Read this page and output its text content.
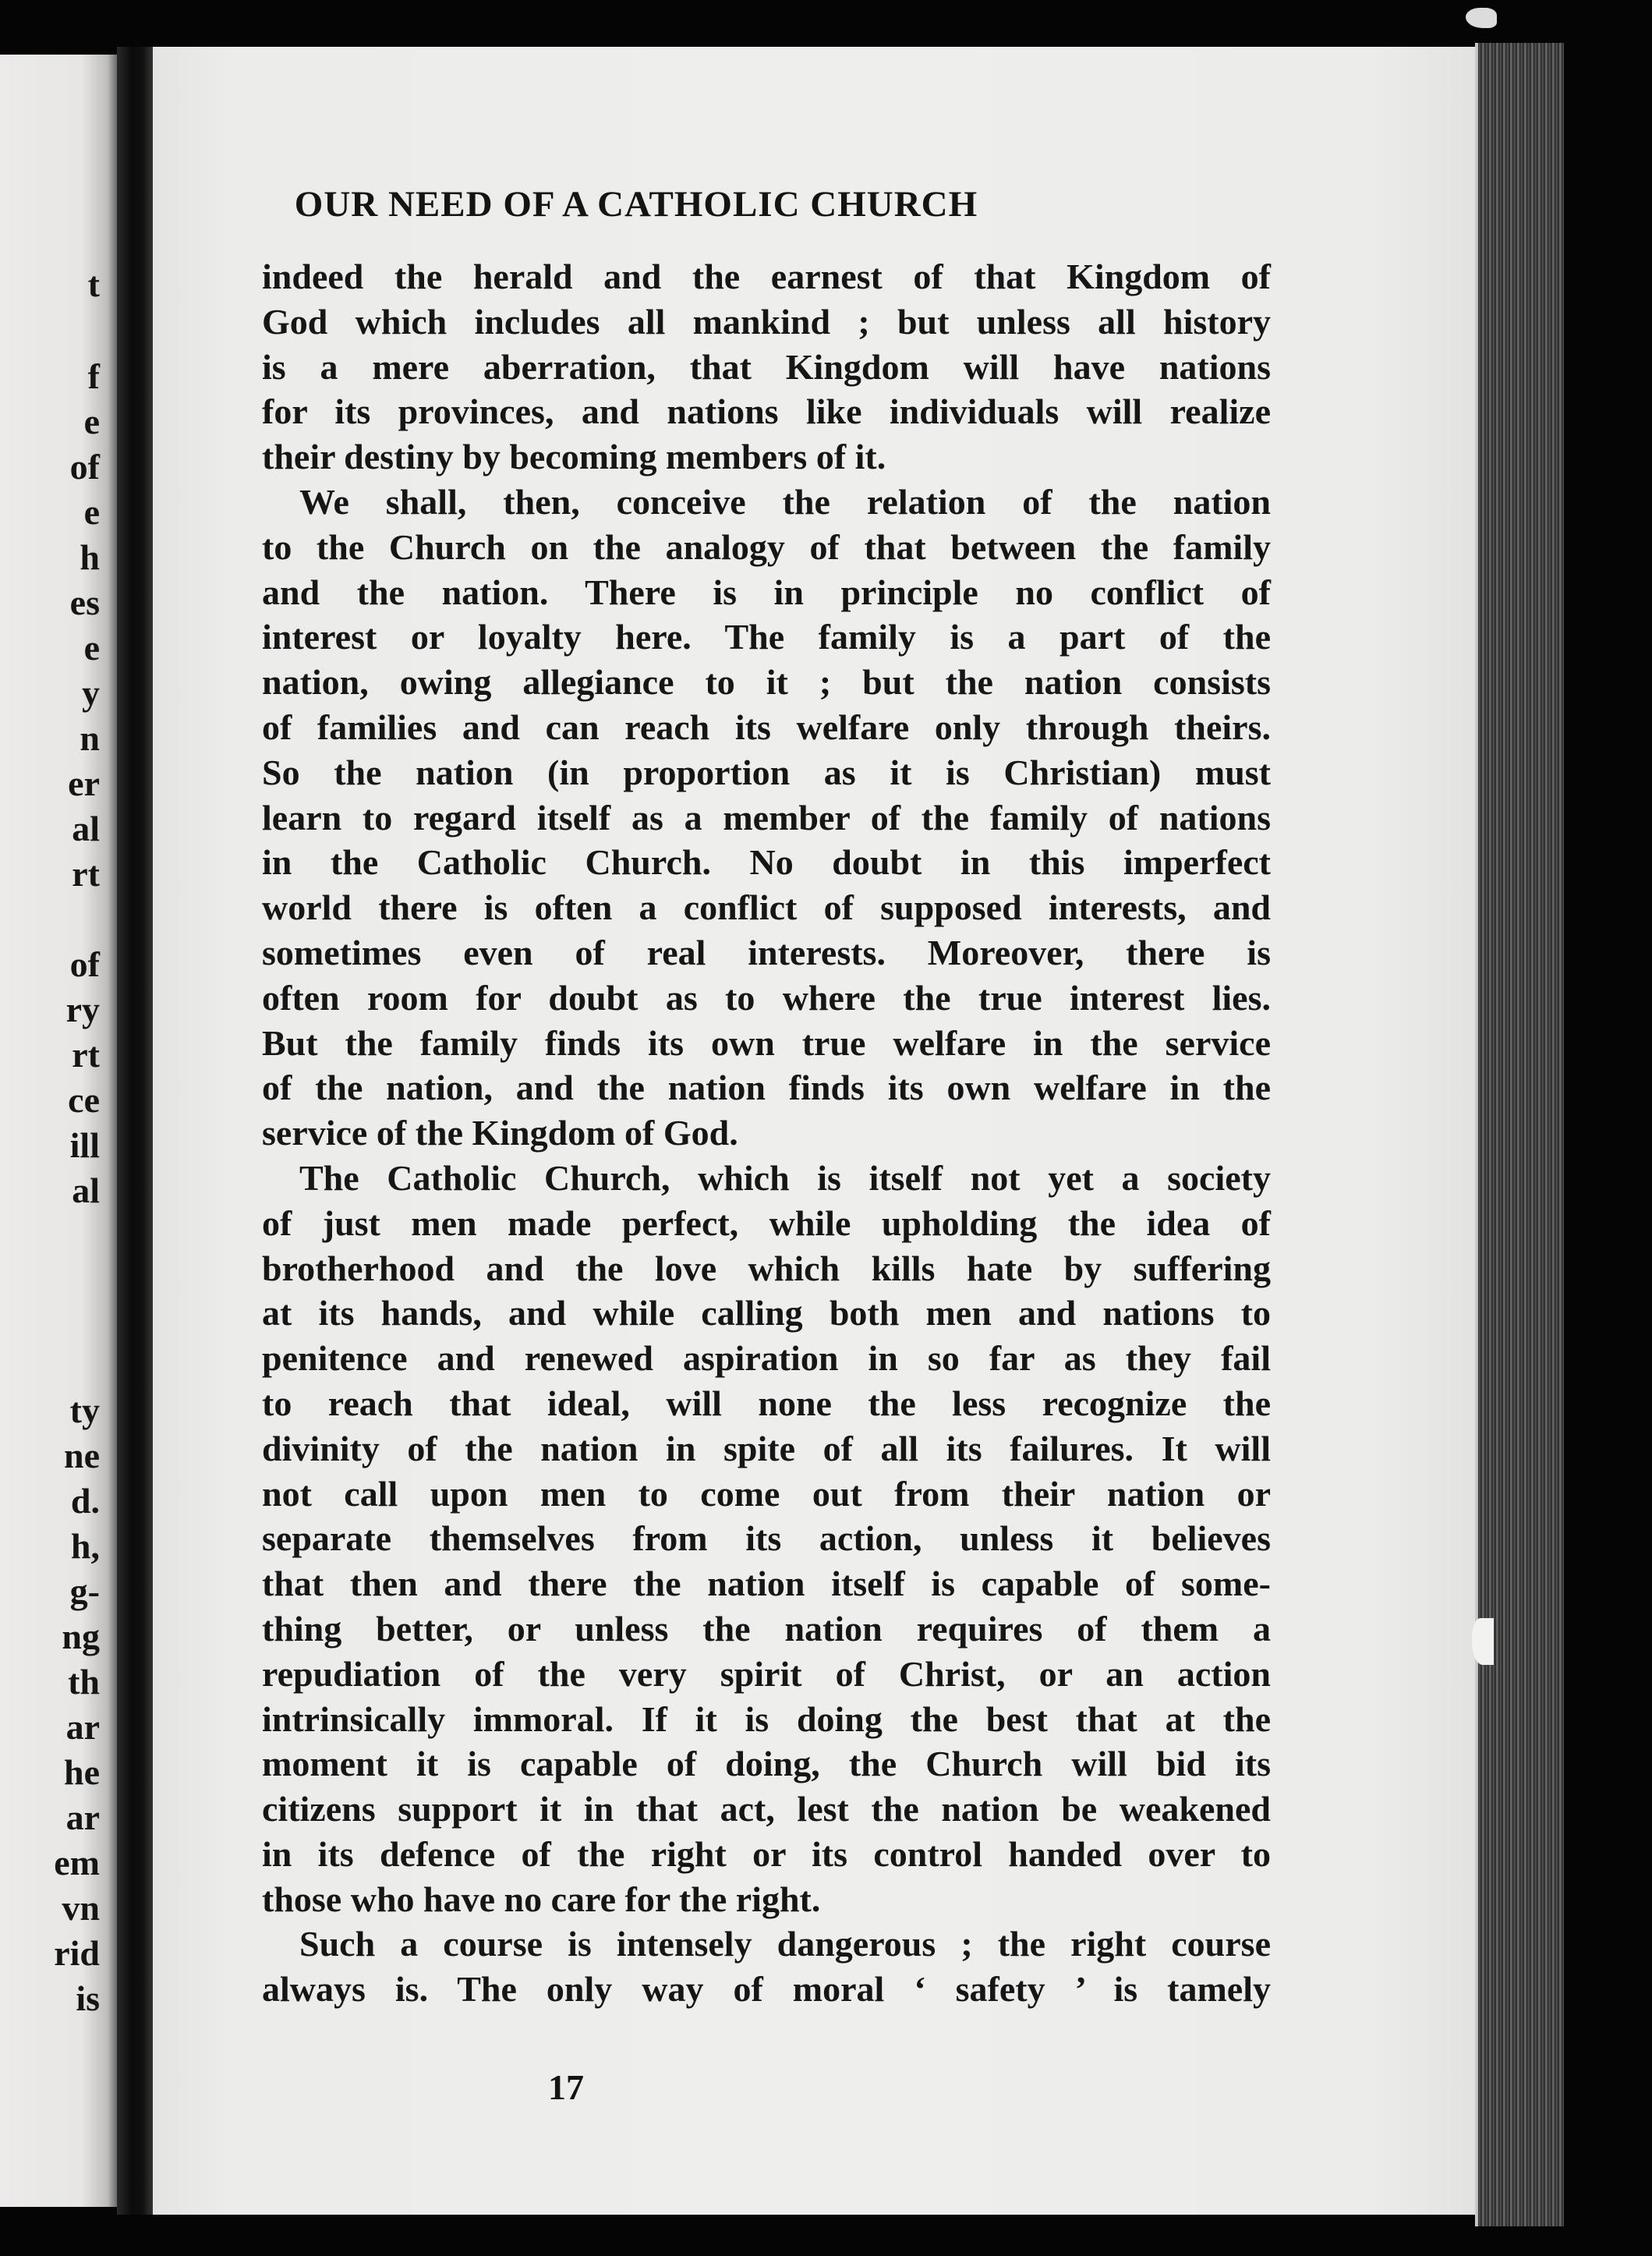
t
f
e
of
e
h
es
e
y
n
er
al
rt
of
ry
rt
ce
ill
al
ty
ne
d.
h,
g-
ng
th
ar
he
ar
em
vn
rid
is
OUR NEED OF A CATHOLIC CHURCH
indeed the herald and the earnest of that Kingdom of
God which includes all mankind ; but unless all history
is a mere aberration, that Kingdom will have nations
for its provinces, and nations like individuals will realize
their destiny by becoming members of it.
We shall, then, conceive the relation of the nation
to the Church on the analogy of that between the family
and the nation. There is in principle no conflict of
interest or loyalty here. The family is a part of the
nation, owing allegiance to it ; but the nation consists
of families and can reach its welfare only through theirs.
So the nation (in proportion as it is Christian) must
learn to regard itself as a member of the family of nations
in the Catholic Church. No doubt in this imperfect
world there is often a conflict of supposed interests, and
sometimes even of real interests. Moreover, there is
often room for doubt as to where the true interest lies.
But the family finds its own true welfare in the service
of the nation, and the nation finds its own welfare in the
service of the Kingdom of God.
The Catholic Church, which is itself not yet a society
of just men made perfect, while upholding the idea of
brotherhood and the love which kills hate by suffering
at its hands, and while calling both men and nations to
penitence and renewed aspiration in so far as they fail
to reach that ideal, will none the less recognize the
divinity of the nation in spite of all its failures. It will
not call upon men to come out from their nation or
separate themselves from its action, unless it believes
that then and there the nation itself is capable of some-
thing better, or unless the nation requires of them a
repudiation of the very spirit of Christ, or an action
intrinsically immoral. If it is doing the best that at the
moment it is capable of doing, the Church will bid its
citizens support it in that act, lest the nation be weakened
in its defence of the right or its control handed over to
those who have no care for the right.
Such a course is intensely dangerous ; the right course
always is. The only way of moral ‘ safety ’ is tamely
17
